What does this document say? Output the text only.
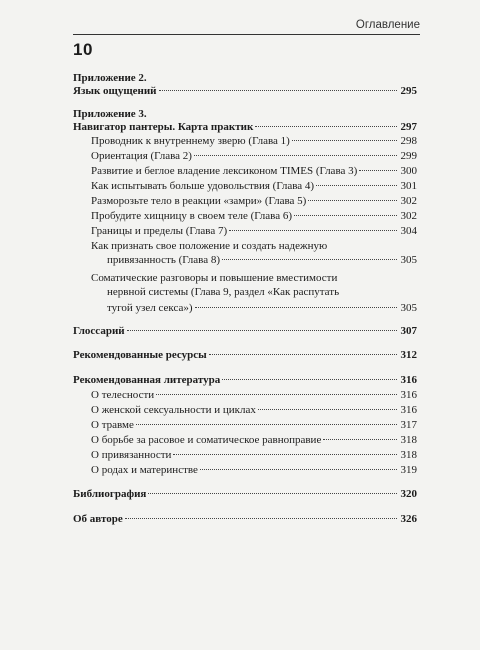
10
Оглавление
Приложение 2.
Язык ощущений	295
Приложение 3.
Навигатор пантеры. Карта практик	297
Проводник к внутреннему зверю (Глава 1)	298
Ориентация (Глава 2)	299
Развитие и беглое владение лексиконом TIMES (Глава 3)	300
Как испытывать больше удовольствия (Глава 4)	301
Разморозьте тело в реакции «замри» (Глава 5)	302
Пробудите хищницу в своем теле (Глава 6)	302
Границы и пределы (Глава 7)	304
Как признать свое положение и создать надежную
привязанность (Глава 8)	305
Соматические разговоры и повышение вместимости
нервной системы (Глава 9, раздел «Как распутать
тугой узел секса»)	305
Глоссарий	307
Рекомендованные ресурсы	312
Рекомендованная литература	316
О телесности	316
О женской сексуальности и циклах	316
О травме	317
О борьбе за расовое и соматическое равноправие	318
О привязанности	318
О родах и материнстве	319
Библиография	320
Об авторе	326
